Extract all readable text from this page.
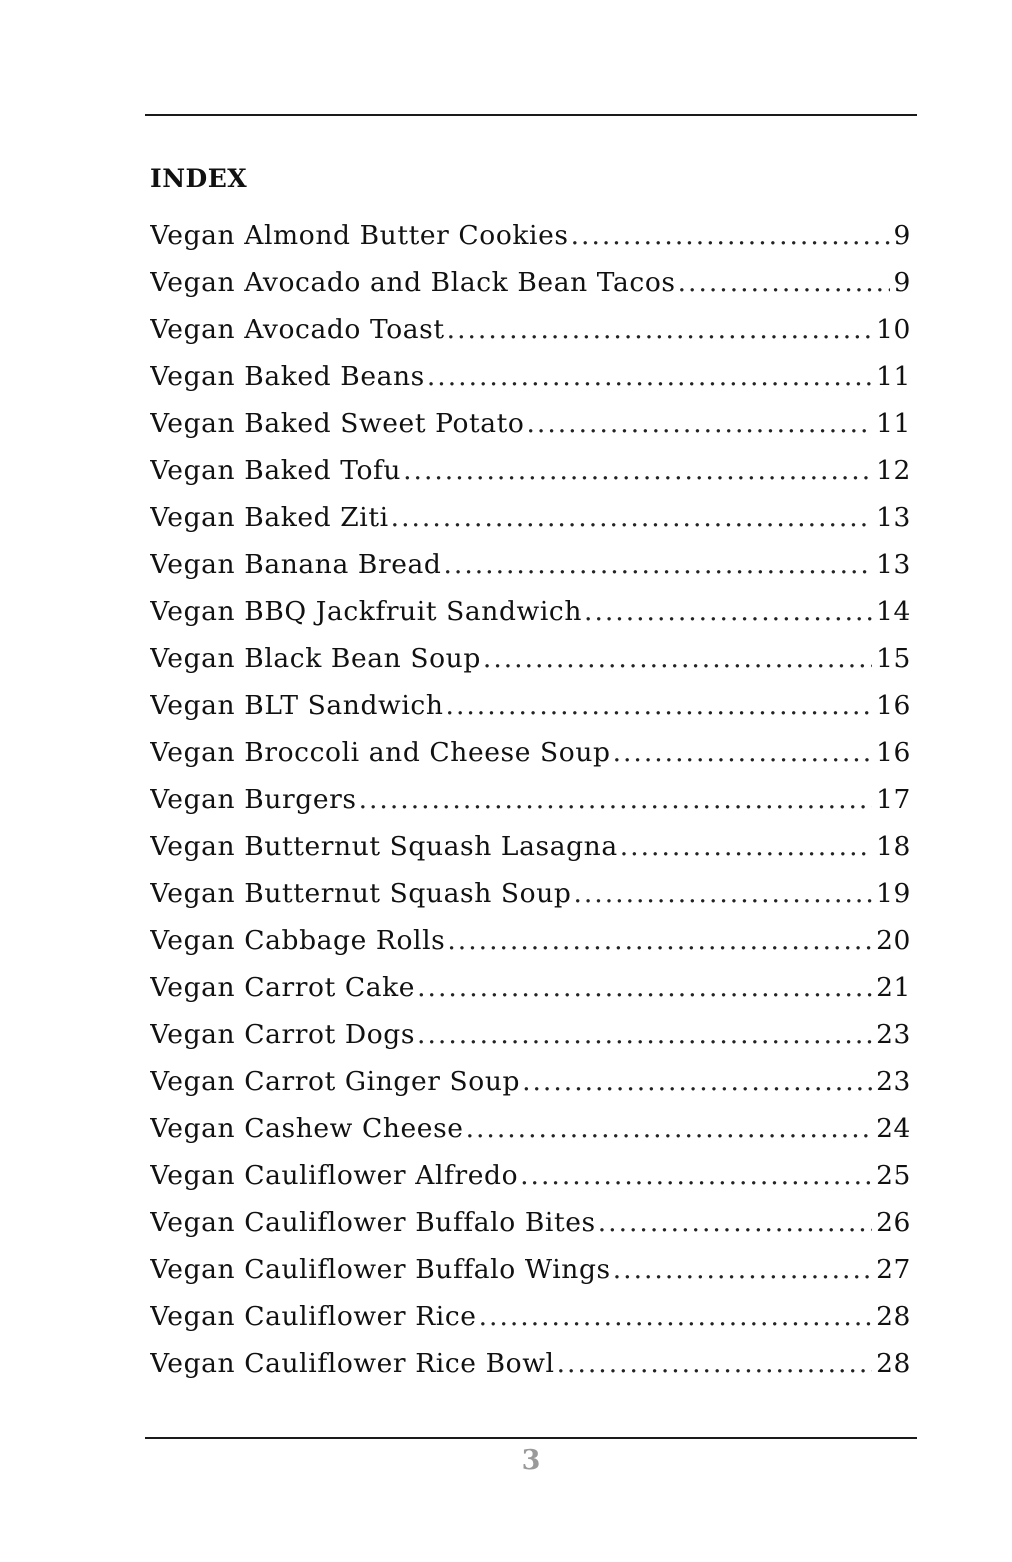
INDEX
Vegan Almond Butter Cookies .....	9
Vegan Avocado and Black Bean Tacos .....	9
Vegan Avocado Toast .....	10
Vegan Baked Beans .....	11
Vegan Baked Sweet Potato .....	11
Vegan Baked Tofu .....	12
Vegan Baked Ziti .....	13
Vegan Banana Bread .....	13
Vegan BBQ Jackfruit Sandwich .....	14
Vegan Black Bean Soup .....	15
Vegan BLT Sandwich .....	16
Vegan Broccoli and Cheese Soup .....	16
Vegan Burgers .....	17
Vegan Butternut Squash Lasagna .....	18
Vegan Butternut Squash Soup .....	19
Vegan Cabbage Rolls .....	20
Vegan Carrot Cake .....	21
Vegan Carrot Dogs .....	23
Vegan Carrot Ginger Soup .....	23
Vegan Cashew Cheese .....	24
Vegan Cauliflower Alfredo .....	25
Vegan Cauliflower Buffalo Bites .....	26
Vegan Cauliflower Buffalo Wings .....	27
Vegan Cauliflower Rice .....	28
Vegan Cauliflower Rice Bowl .....	28
3
